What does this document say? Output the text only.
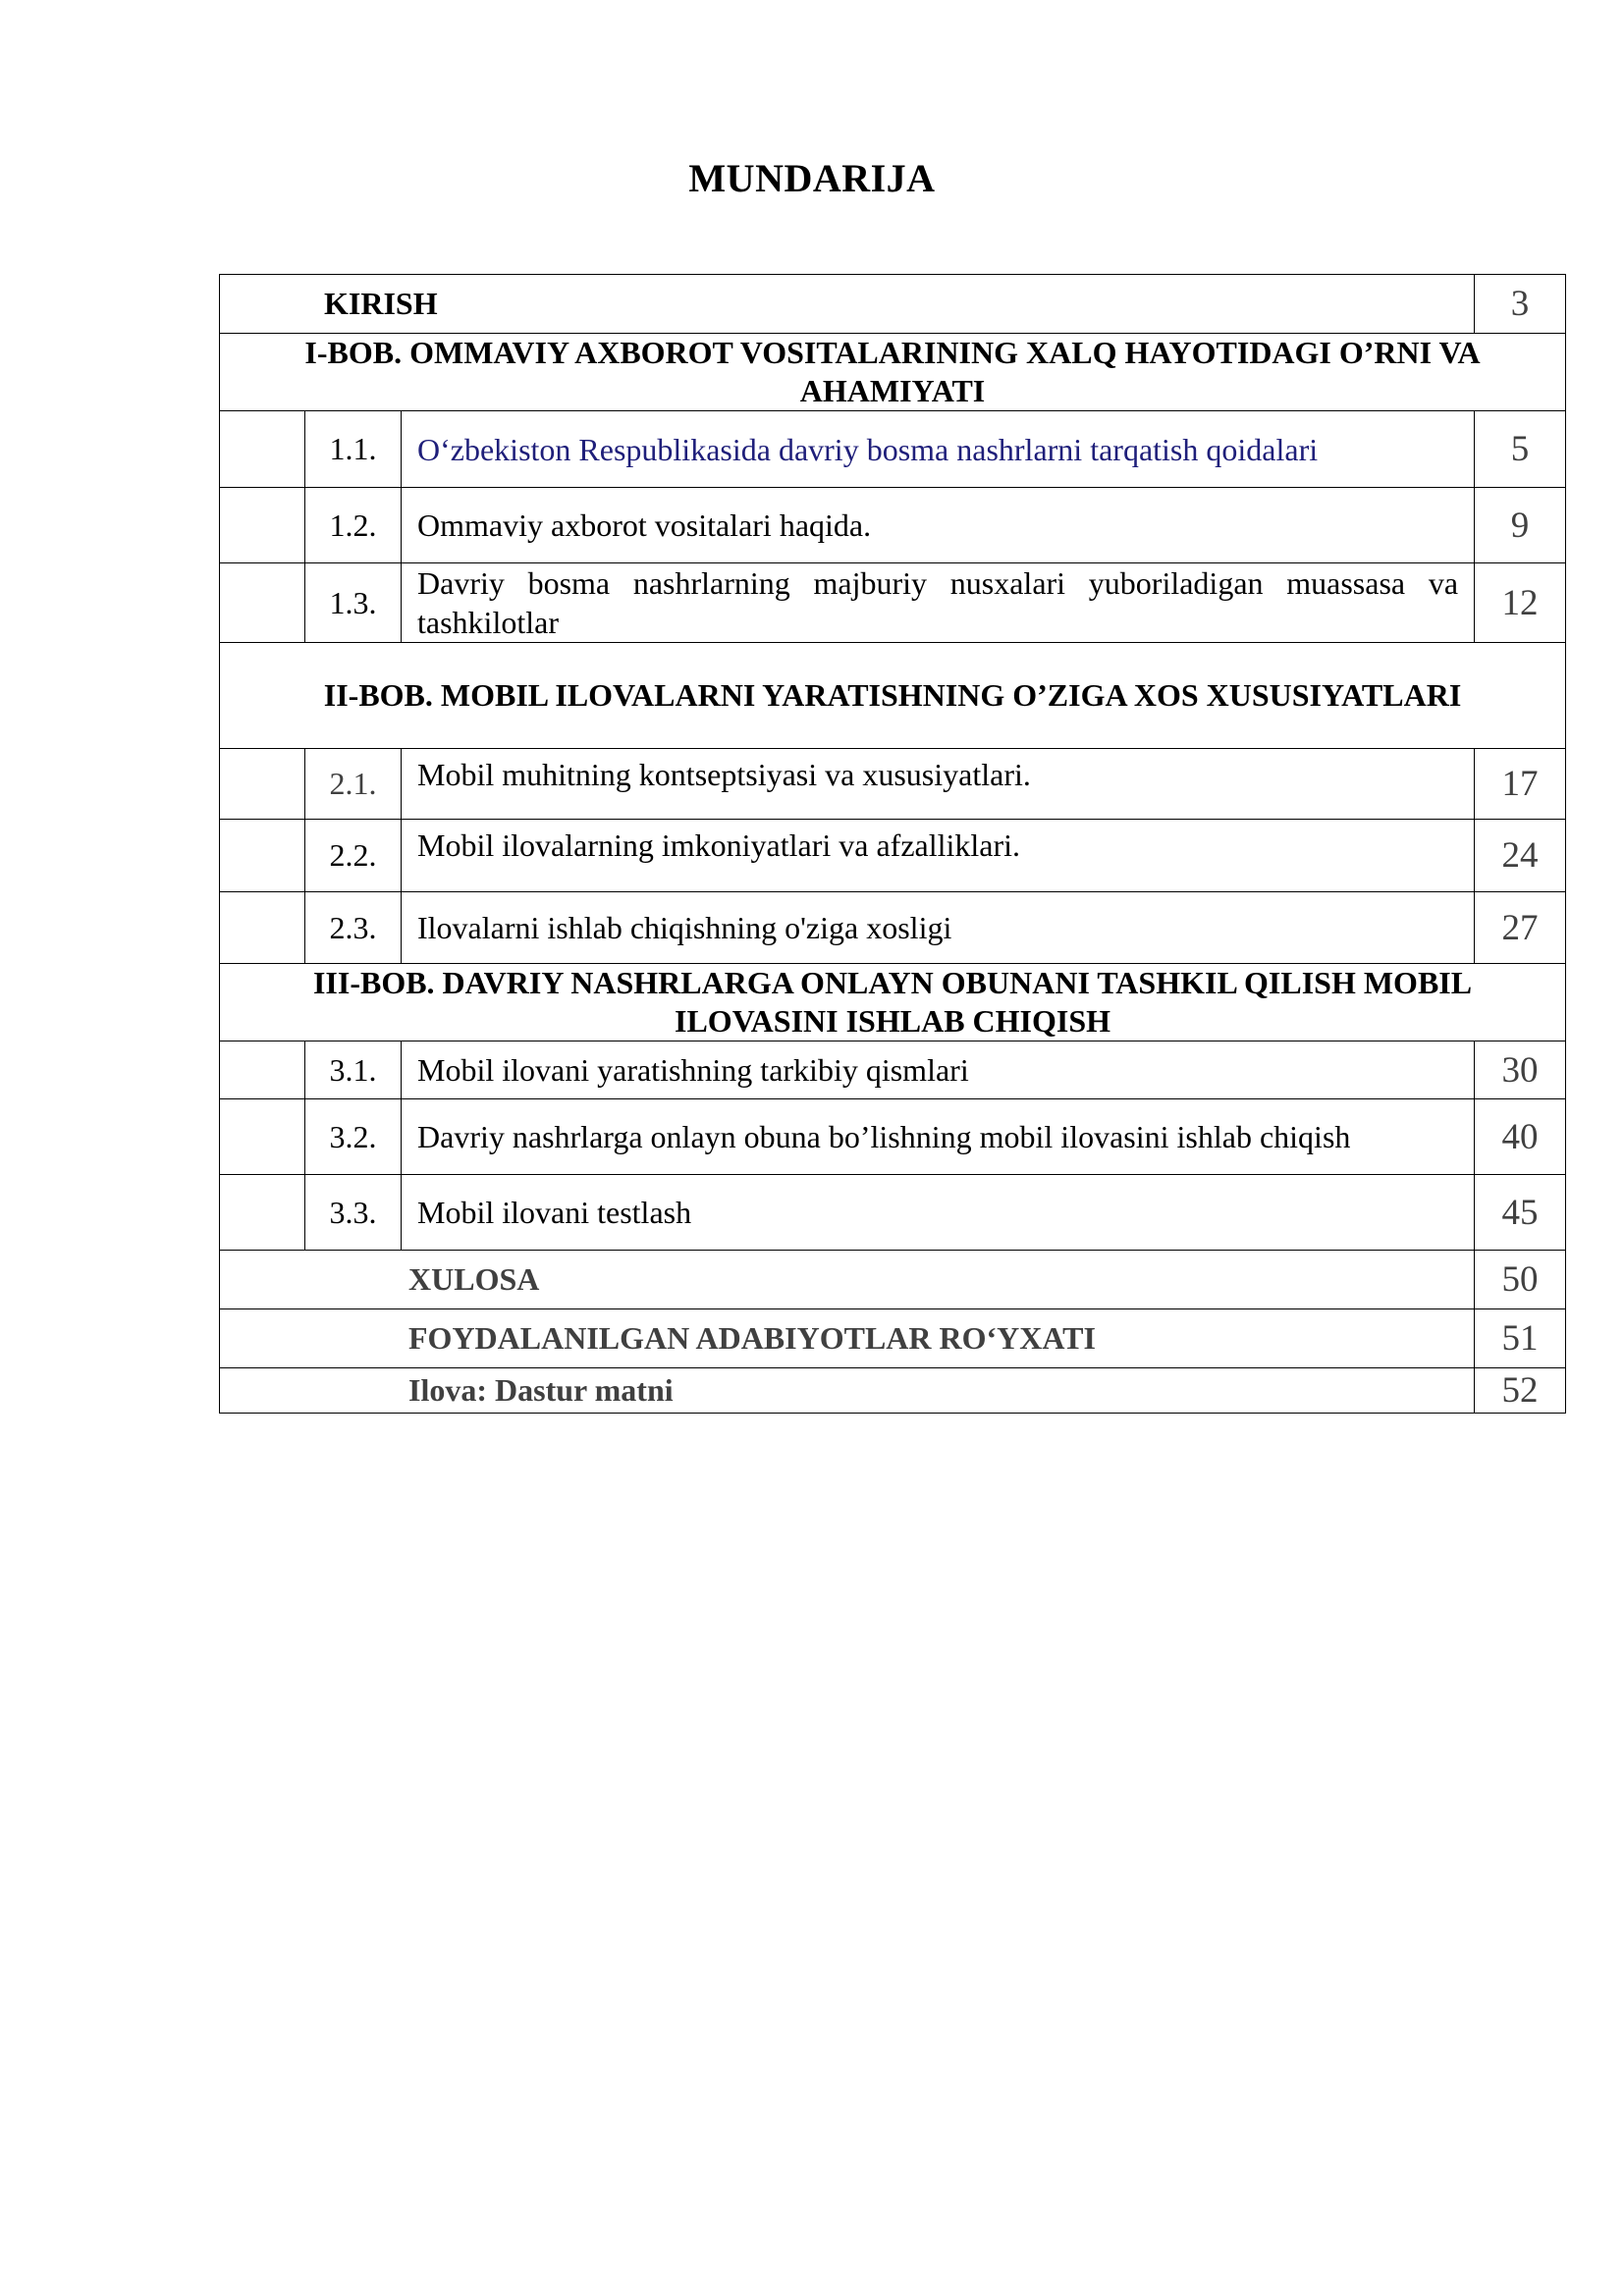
MUNDARIJA
KIRISH			3
I-BOB. OMMAVIY AXBOROT VOSITALARINING XALQ HAYOTIDAGI O’RNI VA AHAMIYATI			
	1.1.	O‘zbekiston Respublikasida davriy bosma nashrlarni tarqatish qoidalari	5
	1.2.	Ommaviy axborot vositalari haqida.	9
	1.3.	Davriy bosma nashrlarning majburiy nusxalari yuboriladigan muassasa va tashkilotlar	12
II-BOB. MOBIL ILOVALARNI YARATISHNING O’ZIGA XOS XUSUSIYATLARI			
	2.1.	Mobil muhitning kontseptsiyasi va xususiyatlari.	17
	2.2.	Mobil ilovalarning imkoniyatlari va afzalliklari.	24
	2.3.	Ilovalarni ishlab chiqishning o'ziga xosligi	27
III-BOB. DAVRIY NASHRLARGA ONLAYN OBUNANI TASHKIL QILISH MOBIL ILOVASINI ISHLAB CHIQISH			
	3.1.	Mobil ilovani yaratishning tarkibiy qismlari	30
	3.2.	Davriy nashrlarga onlayn obuna bo’lishning mobil ilovasini ishlab chiqish	40
	3.3.	Mobil ilovani testlash	45
XULOSA			50
FOYDALANILGAN ADABIYOTLAR RO‘YXATI			51
Ilova: Dastur matni			52
